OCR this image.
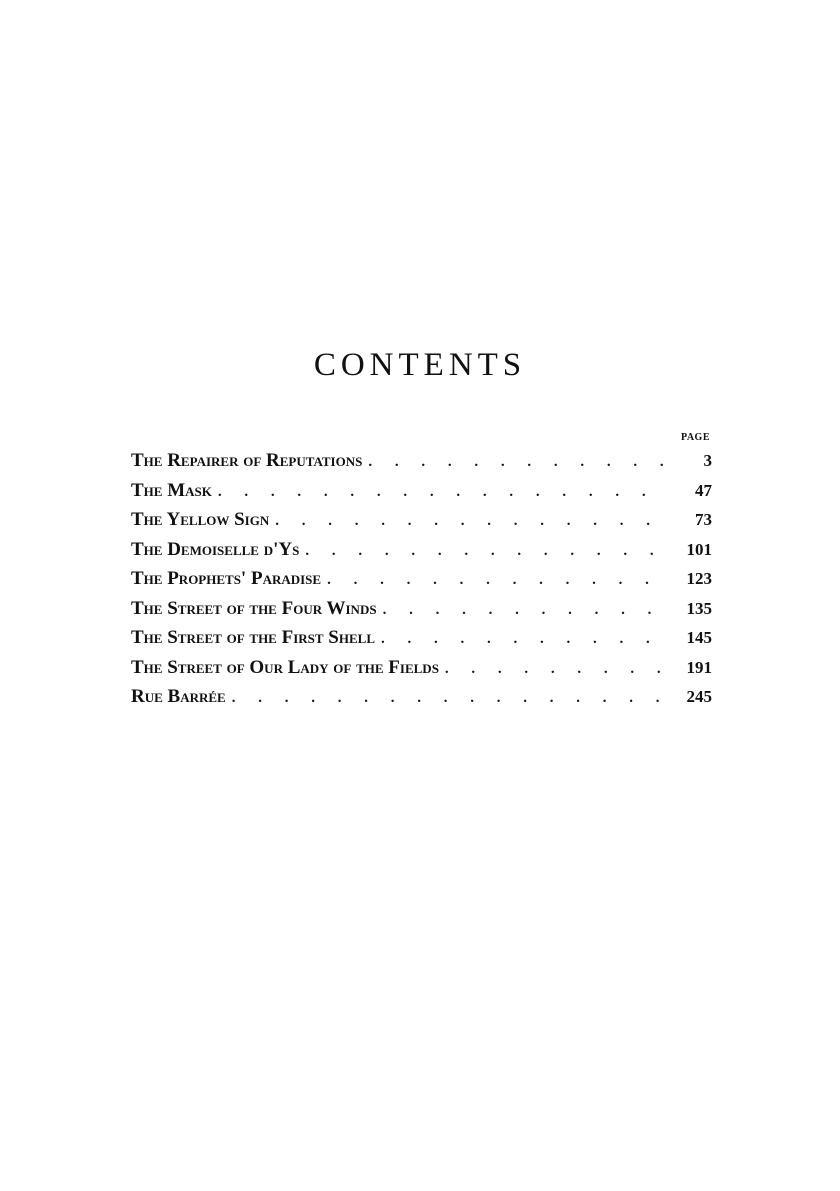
CONTENTS
PAGE
The Repairer of Reputations . . .	3
The Mask . . .	47
The Yellow Sign . . .	73
The Demoiselle d'Ys . . .	101
The Prophets' Paradise . . .	123
The Street of the Four Winds . . .	135
The Street of the First Shell . . .	145
The Street of Our Lady of the Fields . . .	191
Rue Barrée . . .	245
